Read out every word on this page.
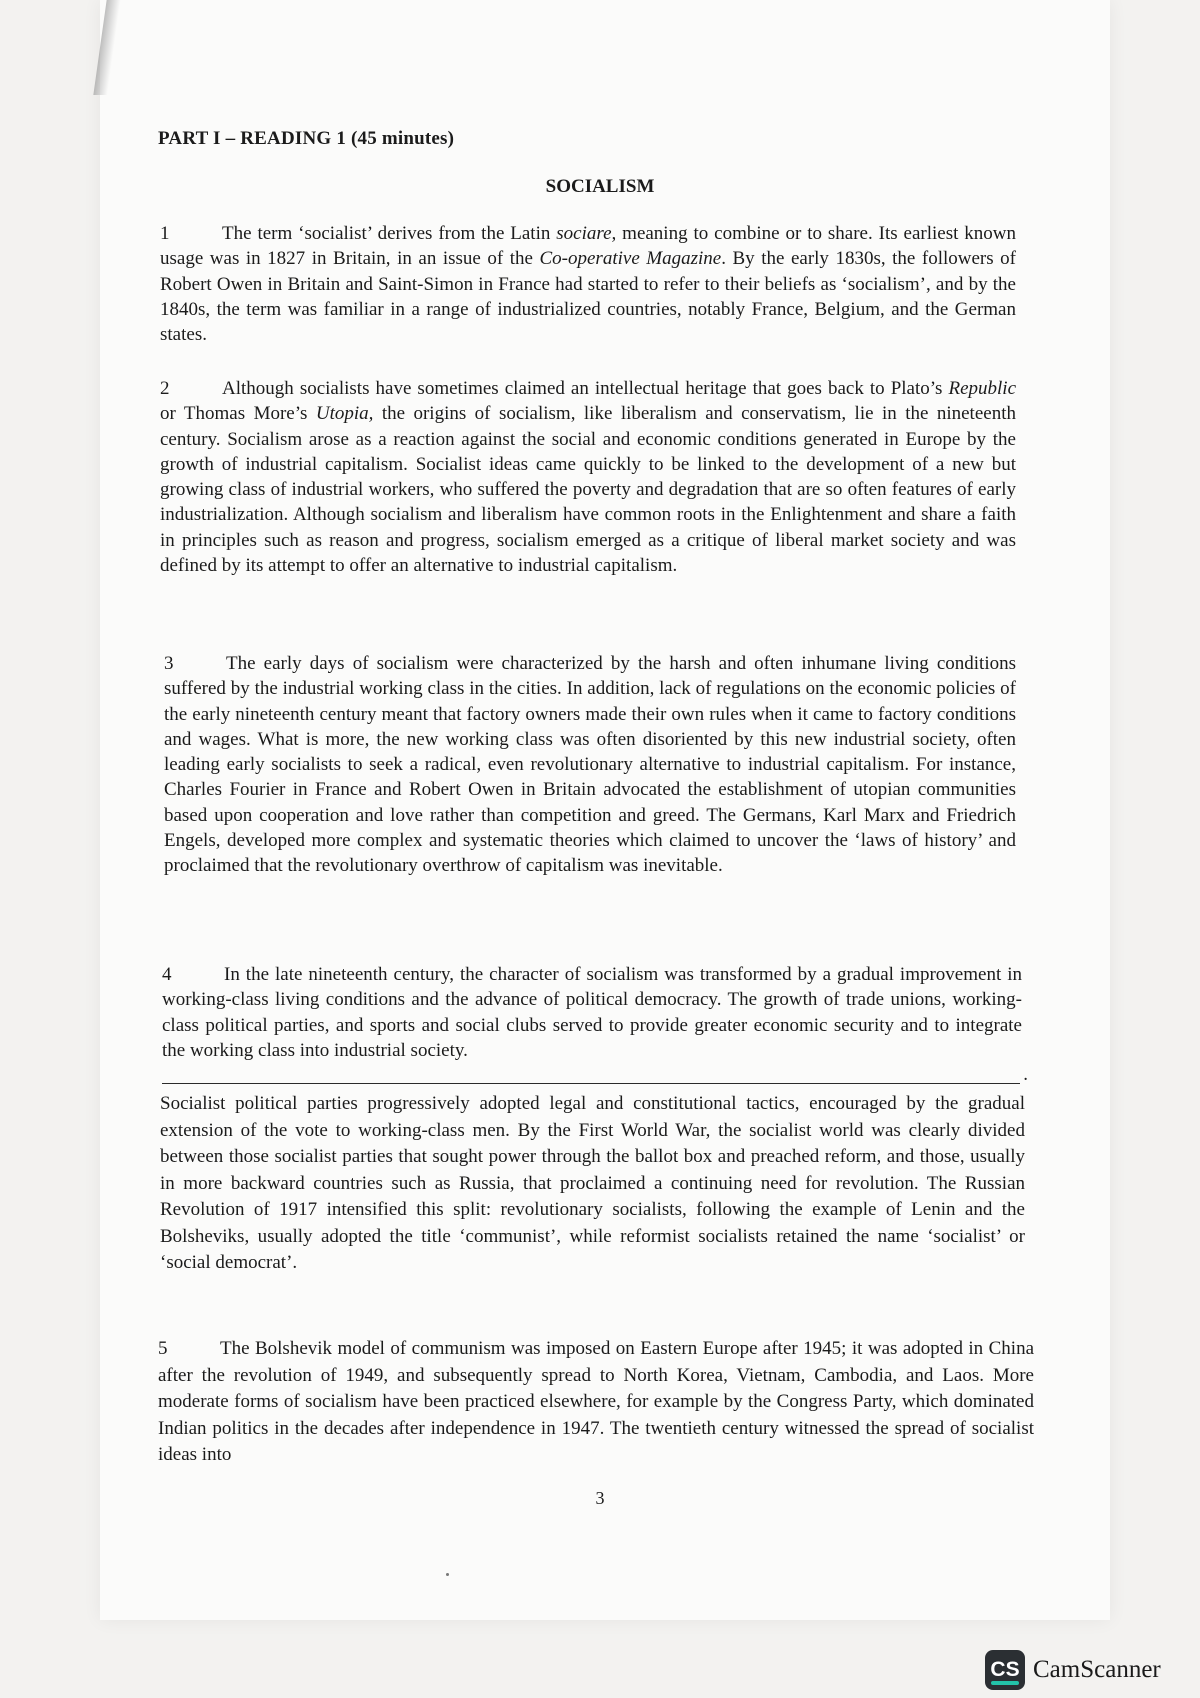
PART I – READING 1 (45 minutes)
SOCIALISM
1	The term ‘socialist’ derives from the Latin sociare, meaning to combine or to share. Its earliest known usage was in 1827 in Britain, in an issue of the Co-operative Magazine. By the early 1830s, the followers of Robert Owen in Britain and Saint-Simon in France had started to refer to their beliefs as ‘socialism’, and by the 1840s, the term was familiar in a range of industrialized countries, notably France, Belgium, and the German states.
2	Although socialists have sometimes claimed an intellectual heritage that goes back to Plato’s Republic or Thomas More’s Utopia, the origins of socialism, like liberalism and conservatism, lie in the nineteenth century. Socialism arose as a reaction against the social and economic conditions generated in Europe by the growth of industrial capitalism. Socialist ideas came quickly to be linked to the development of a new but growing class of industrial workers, who suffered the poverty and degradation that are so often features of early industrialization. Although socialism and liberalism have common roots in the Enlightenment and share a faith in principles such as reason and progress, socialism emerged as a critique of liberal market society and was defined by its attempt to offer an alternative to industrial capitalism.
3	The early days of socialism were characterized by the harsh and often inhumane living conditions suffered by the industrial working class in the cities. In addition, lack of regulations on the economic policies of the early nineteenth century meant that factory owners made their own rules when it came to factory conditions and wages. What is more, the new working class was often disoriented by this new industrial society, often leading early socialists to seek a radical, even revolutionary alternative to industrial capitalism. For instance, Charles Fourier in France and Robert Owen in Britain advocated the establishment of utopian communities based upon cooperation and love rather than competition and greed. The Germans, Karl Marx and Friedrich Engels, developed more complex and systematic theories which claimed to uncover the ‘laws of history’ and proclaimed that the revolutionary overthrow of capitalism was inevitable.
4	In the late nineteenth century, the character of socialism was transformed by a gradual improvement in working-class living conditions and the advance of political democracy. The growth of trade unions, working-class political parties, and sports and social clubs served to provide greater economic security and to integrate the working class into industrial society.
.
Socialist political parties progressively adopted legal and constitutional tactics, encouraged by the gradual extension of the vote to working-class men. By the First World War, the socialist world was clearly divided between those socialist parties that sought power through the ballot box and preached reform, and those, usually in more backward countries such as Russia, that proclaimed a continuing need for revolution. The Russian Revolution of 1917 intensified this split: revolutionary socialists, following the example of Lenin and the Bolsheviks, usually adopted the title ‘communist’, while reformist socialists retained the name ‘socialist’ or ‘social democrat’.
5	The Bolshevik model of communism was imposed on Eastern Europe after 1945; it was adopted in China after the revolution of 1949, and subsequently spread to North Korea, Vietnam, Cambodia, and Laos. More moderate forms of socialism have been practiced elsewhere, for example by the Congress Party, which dominated Indian politics in the decades after independence in 1947. The twentieth century witnessed the spread of socialist ideas into
3
CS CamScanner
